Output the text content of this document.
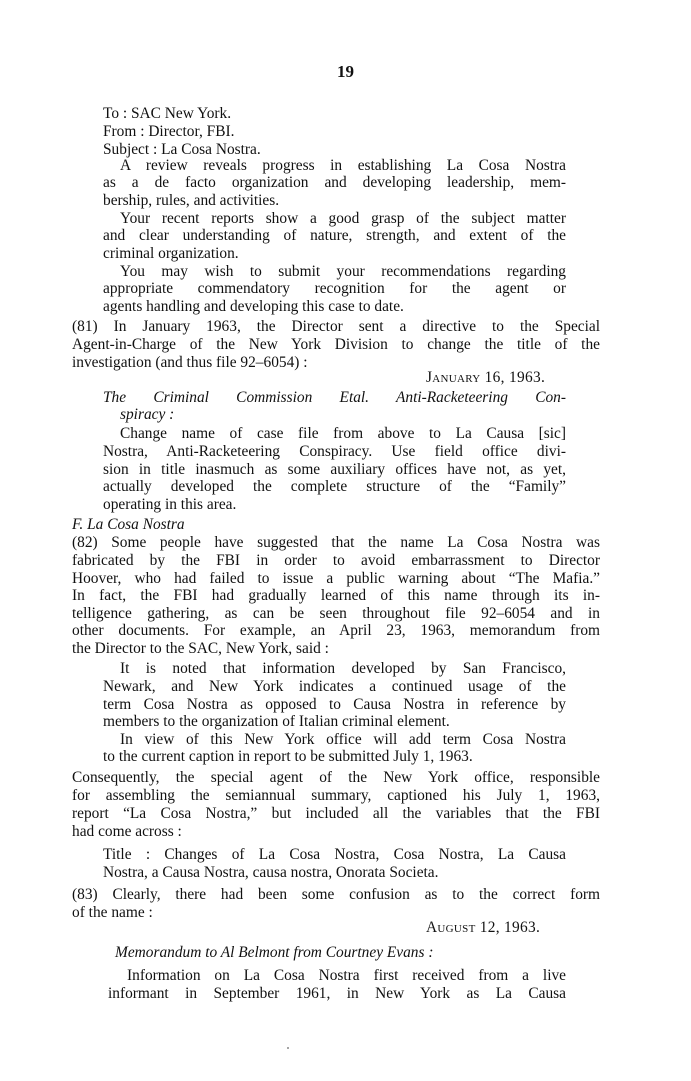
19
To : SAC New York.
From : Director, FBI.
Subject : La Cosa Nostra.
A review reveals progress in establishing La Cosa Nostra
as a de facto organization and developing leadership, mem-
bership, rules, and activities.
Your recent reports show a good grasp of the subject matter
and clear understanding of nature, strength, and extent of the
criminal organization.
You may wish to submit your recommendations regarding
appropriate commendatory recognition for the agent or
agents handling and developing this case to date.
(81) In January 1963, the Director sent a directive to the Special
Agent-in-Charge of the New York Division to change the title of the
investigation (and thus file 92–6054) :
January 16, 1963.
The Criminal Commission Etal. Anti-Racketeering Con-
spiracy :
Change name of case file from above to La Causa [sic]
Nostra, Anti-Racketeering Conspiracy. Use field office divi-
sion in title inasmuch as some auxiliary offices have not, as yet,
actually developed the complete structure of the “Family”
operating in this area.
F. La Cosa Nostra
(82) Some people have suggested that the name La Cosa Nostra was
fabricated by the FBI in order to avoid embarrassment to Director
Hoover, who had failed to issue a public warning about “The Mafia.”
In fact, the FBI had gradually learned of this name through its in-
telligence gathering, as can be seen throughout file 92–6054 and in
other documents. For example, an April 23, 1963, memorandum from
the Director to the SAC, New York, said :
It is noted that information developed by San Francisco,
Newark, and New York indicates a continued usage of the
term Cosa Nostra as opposed to Causa Nostra in reference by
members to the organization of Italian criminal element.
In view of this New York office will add term Cosa Nostra
to the current caption in report to be submitted July 1, 1963.
Consequently, the special agent of the New York office, responsible
for assembling the semiannual summary, captioned his July 1, 1963,
report “La Cosa Nostra,” but included all the variables that the FBI
had come across :
Title : Changes of La Cosa Nostra, Cosa Nostra, La Causa
Nostra, a Causa Nostra, causa nostra, Onorata Societa.
(83) Clearly, there had been some confusion as to the correct form
of the name :
August 12, 1963.
Memorandum to Al Belmont from Courtney Evans :
Information on La Cosa Nostra first received from a live
informant in September 1961, in New York as La Causa
